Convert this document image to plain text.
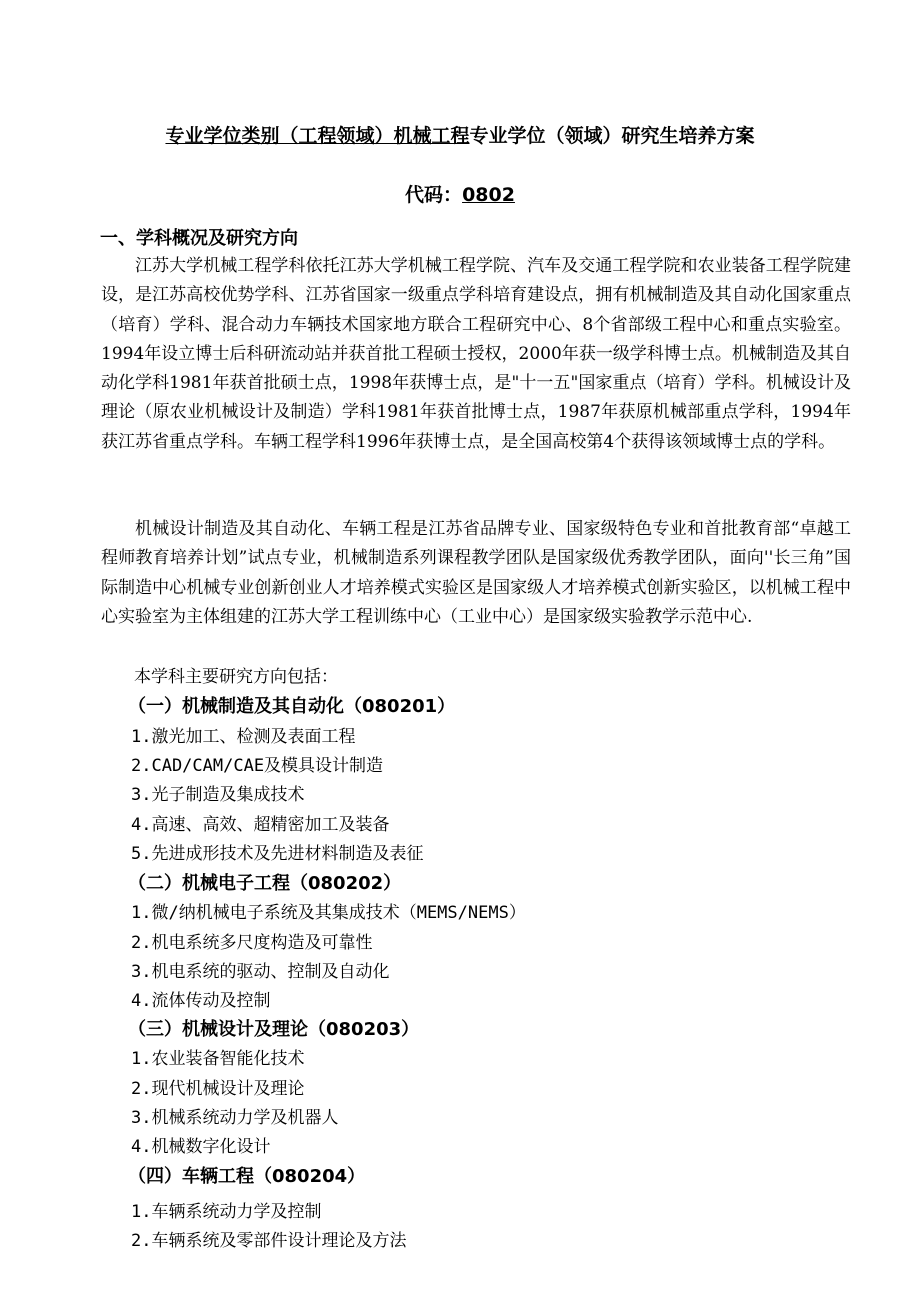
专业学位类别（工程领域）机械工程专业学位（领域）研究生培养方案
代码：0802
一、学科概况及研究方向
江苏大学机械工程学科依托江苏大学机械工程学院、汽车及交通工程学院和农业装备工程学院建设，是江苏高校优势学科、江苏省国家一级重点学科培育建设点，拥有机械制造及其自动化国家重点（培育）学科、混合动力车辆技术国家地方联合工程研究中心、8个省部级工程中心和重点实验室。1994年设立博士后科研流动站并获首批工程硕士授权，2000年获一级学科博士点。机械制造及其自动化学科1981年获首批硕士点，1998年获博士点，是"十一五"国家重点（培育）学科。机械设计及理论（原农业机械设计及制造）学科1981年获首批博士点，1987年获原机械部重点学科，1994年获江苏省重点学科。车辆工程学科1996年获博士点，是全国高校第4个获得该领域博士点的学科。
机械设计制造及其自动化、车辆工程是江苏省品牌专业、国家级特色专业和首批教育部“卓越工程师教育培养计划”试点专业，机械制造系列课程教学团队是国家级优秀教学团队，面向''长三角”国际制造中心机械专业创新创业人才培养模式实验区是国家级人才培养模式创新实验区，以机械工程中心实验室为主体组建的江苏大学工程训练中心（工业中心）是国家级实验教学示范中心.
本学科主要研究方向包括：
（一）机械制造及其自动化（080201）
1.激光加工、检测及表面工程
2.CAD/CAM/CAE及模具设计制造
3.光子制造及集成技术
4.高速、高效、超精密加工及装备
5.先进成形技术及先进材料制造及表征
（二）机械电子工程（080202）
1.微/纳机械电子系统及其集成技术（MEMS/NEMS）
2.机电系统多尺度构造及可靠性
3.机电系统的驱动、控制及自动化
4.流体传动及控制
（三）机械设计及理论（080203）
1.农业装备智能化技术
2.现代机械设计及理论
3.机械系统动力学及机器人
4.机械数字化设计
（四）车辆工程（080204）
1.车辆系统动力学及控制
2.车辆系统及零部件设计理论及方法
